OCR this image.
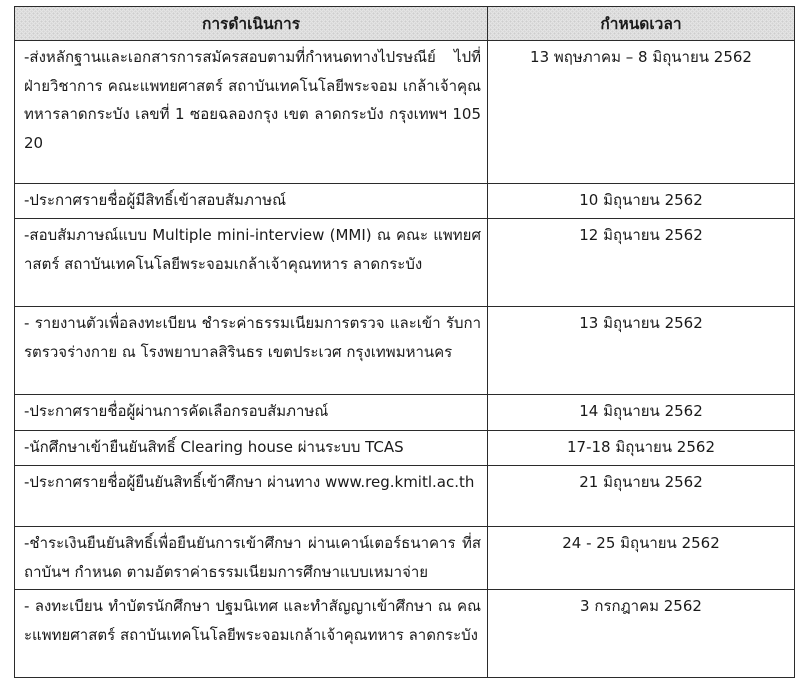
การดำเนินการ	กำหนดเวลา
-ส่งหลักฐานและเอกสารการสมัครสอบตามที่กำหนดทางไปรษณีย์ ไปที่ ฝ่ายวิชาการ คณะแพทยศาสตร์ สถาบันเทคโนโลยีพระจอม เกล้าเจ้าคุณทหารลาดกระบัง เลขที่ 1 ซอยฉลองกรุง เขต ลาดกระบัง กรุงเทพฯ 10520	13 พฤษภาคม – 8 มิถุนายน 2562
-ประกาศรายชื่อผู้มีสิทธิ์เข้าสอบสัมภาษณ์	10 มิถุนายน 2562
-สอบสัมภาษณ์แบบ Multiple mini-interview (MMI) ณ คณะ แพทยศาสตร์ สถาบันเทคโนโลยีพระจอมเกล้าเจ้าคุณทหาร ลาดกระบัง	12 มิถุนายน 2562
- รายงานตัวเพื่อลงทะเบียน ชำระค่าธรรมเนียมการตรวจ และเข้า รับการตรวจร่างกาย ณ โรงพยาบาลสิรินธร เขตประเวศ กรุงเทพมหานคร	13 มิถุนายน 2562
-ประกาศรายชื่อผู้ผ่านการคัดเลือกรอบสัมภาษณ์	14 มิถุนายน 2562
-นักศึกษาเข้ายืนยันสิทธิ์ Clearing house ผ่านระบบ TCAS	17-18 มิถุนายน 2562
-ประกาศรายชื่อผู้ยืนยันสิทธิ์เข้าศึกษา ผ่านทาง www.reg.kmitl.ac.th	21 มิถุนายน 2562
-ชำระเงินยืนยันสิทธิ์เพื่อยืนยันการเข้าศึกษา ผ่านเคาน์เตอร์ธนาคาร ที่สถาบันฯ กำหนด ตามอัตราค่าธรรมเนียมการศึกษาแบบเหมาจ่าย	24 - 25 มิถุนายน 2562
- ลงทะเบียน ทำบัตรนักศึกษา ปฐมนิเทศ และทำสัญญาเข้าศึกษา ณ คณะแพทยศาสตร์ สถาบันเทคโนโลยีพระจอมเกล้าเจ้าคุณทหาร ลาดกระบัง	3 กรกฎาคม 2562
